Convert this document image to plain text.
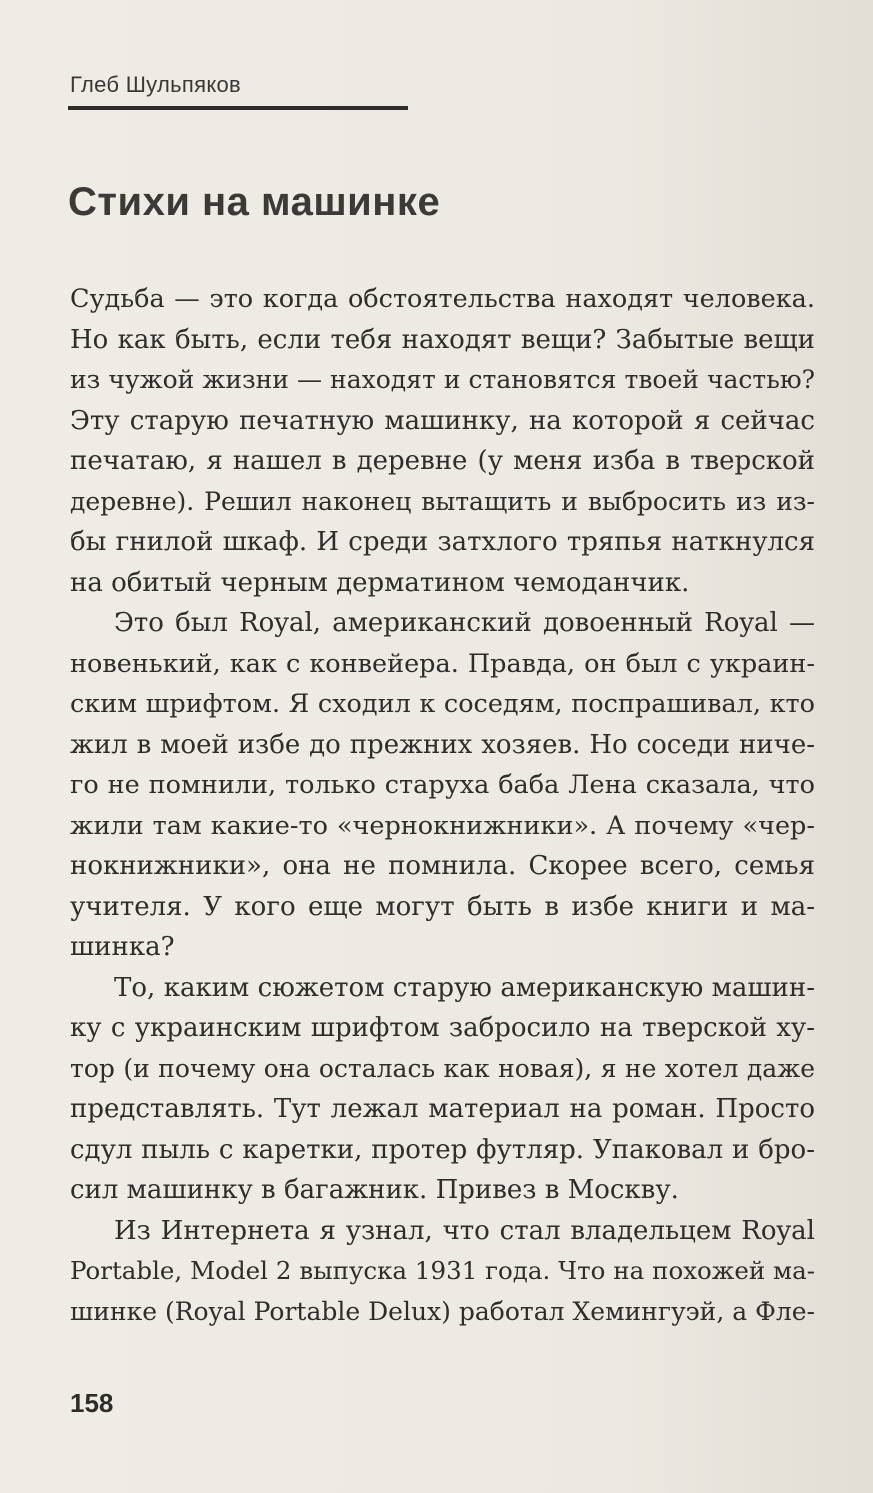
Глеб Шульпяков
Стихи на машинке
Судьба — это когда обстоятельства находят человека.
Но как быть, если тебя находят вещи? Забытые вещи
из чужой жизни — находят и становятся твоей частью?
Эту старую печатную машинку, на которой я сейчас
печатаю, я нашел в деревне (у меня изба в тверской
деревне). Решил наконец вытащить и выбросить из из-
бы гнилой шкаф. И среди затхлого тряпья наткнулся
на обитый черным дерматином чемоданчик.
Это был Royal, американский довоенный Royal —
новенький, как с конвейера. Правда, он был с украин-
ским шрифтом. Я сходил к соседям, поспрашивал, кто
жил в моей избе до прежних хозяев. Но соседи ниче-
го не помнили, только старуха баба Лена сказала, что
жили там какие-то «чернокнижники». А почему «чер-
нокнижники», она не помнила. Скорее всего, семья
учителя. У кого еще могут быть в избе книги и ма-
шинка?
То, каким сюжетом старую американскую машин-
ку с украинским шрифтом забросило на тверской ху-
тор (и почему она осталась как новая), я не хотел даже
представлять. Тут лежал материал на роман. Просто
сдул пыль с каретки, протер футляр. Упаковал и бро-
сил машинку в багажник. Привез в Москву.
Из Интернета я узнал, что стал владельцем Royal
Portable, Model 2 выпуска 1931 года. Что на похожей ма-
шинке (Royal Portable Delux) работал Хемингуэй, а Фле-
158
